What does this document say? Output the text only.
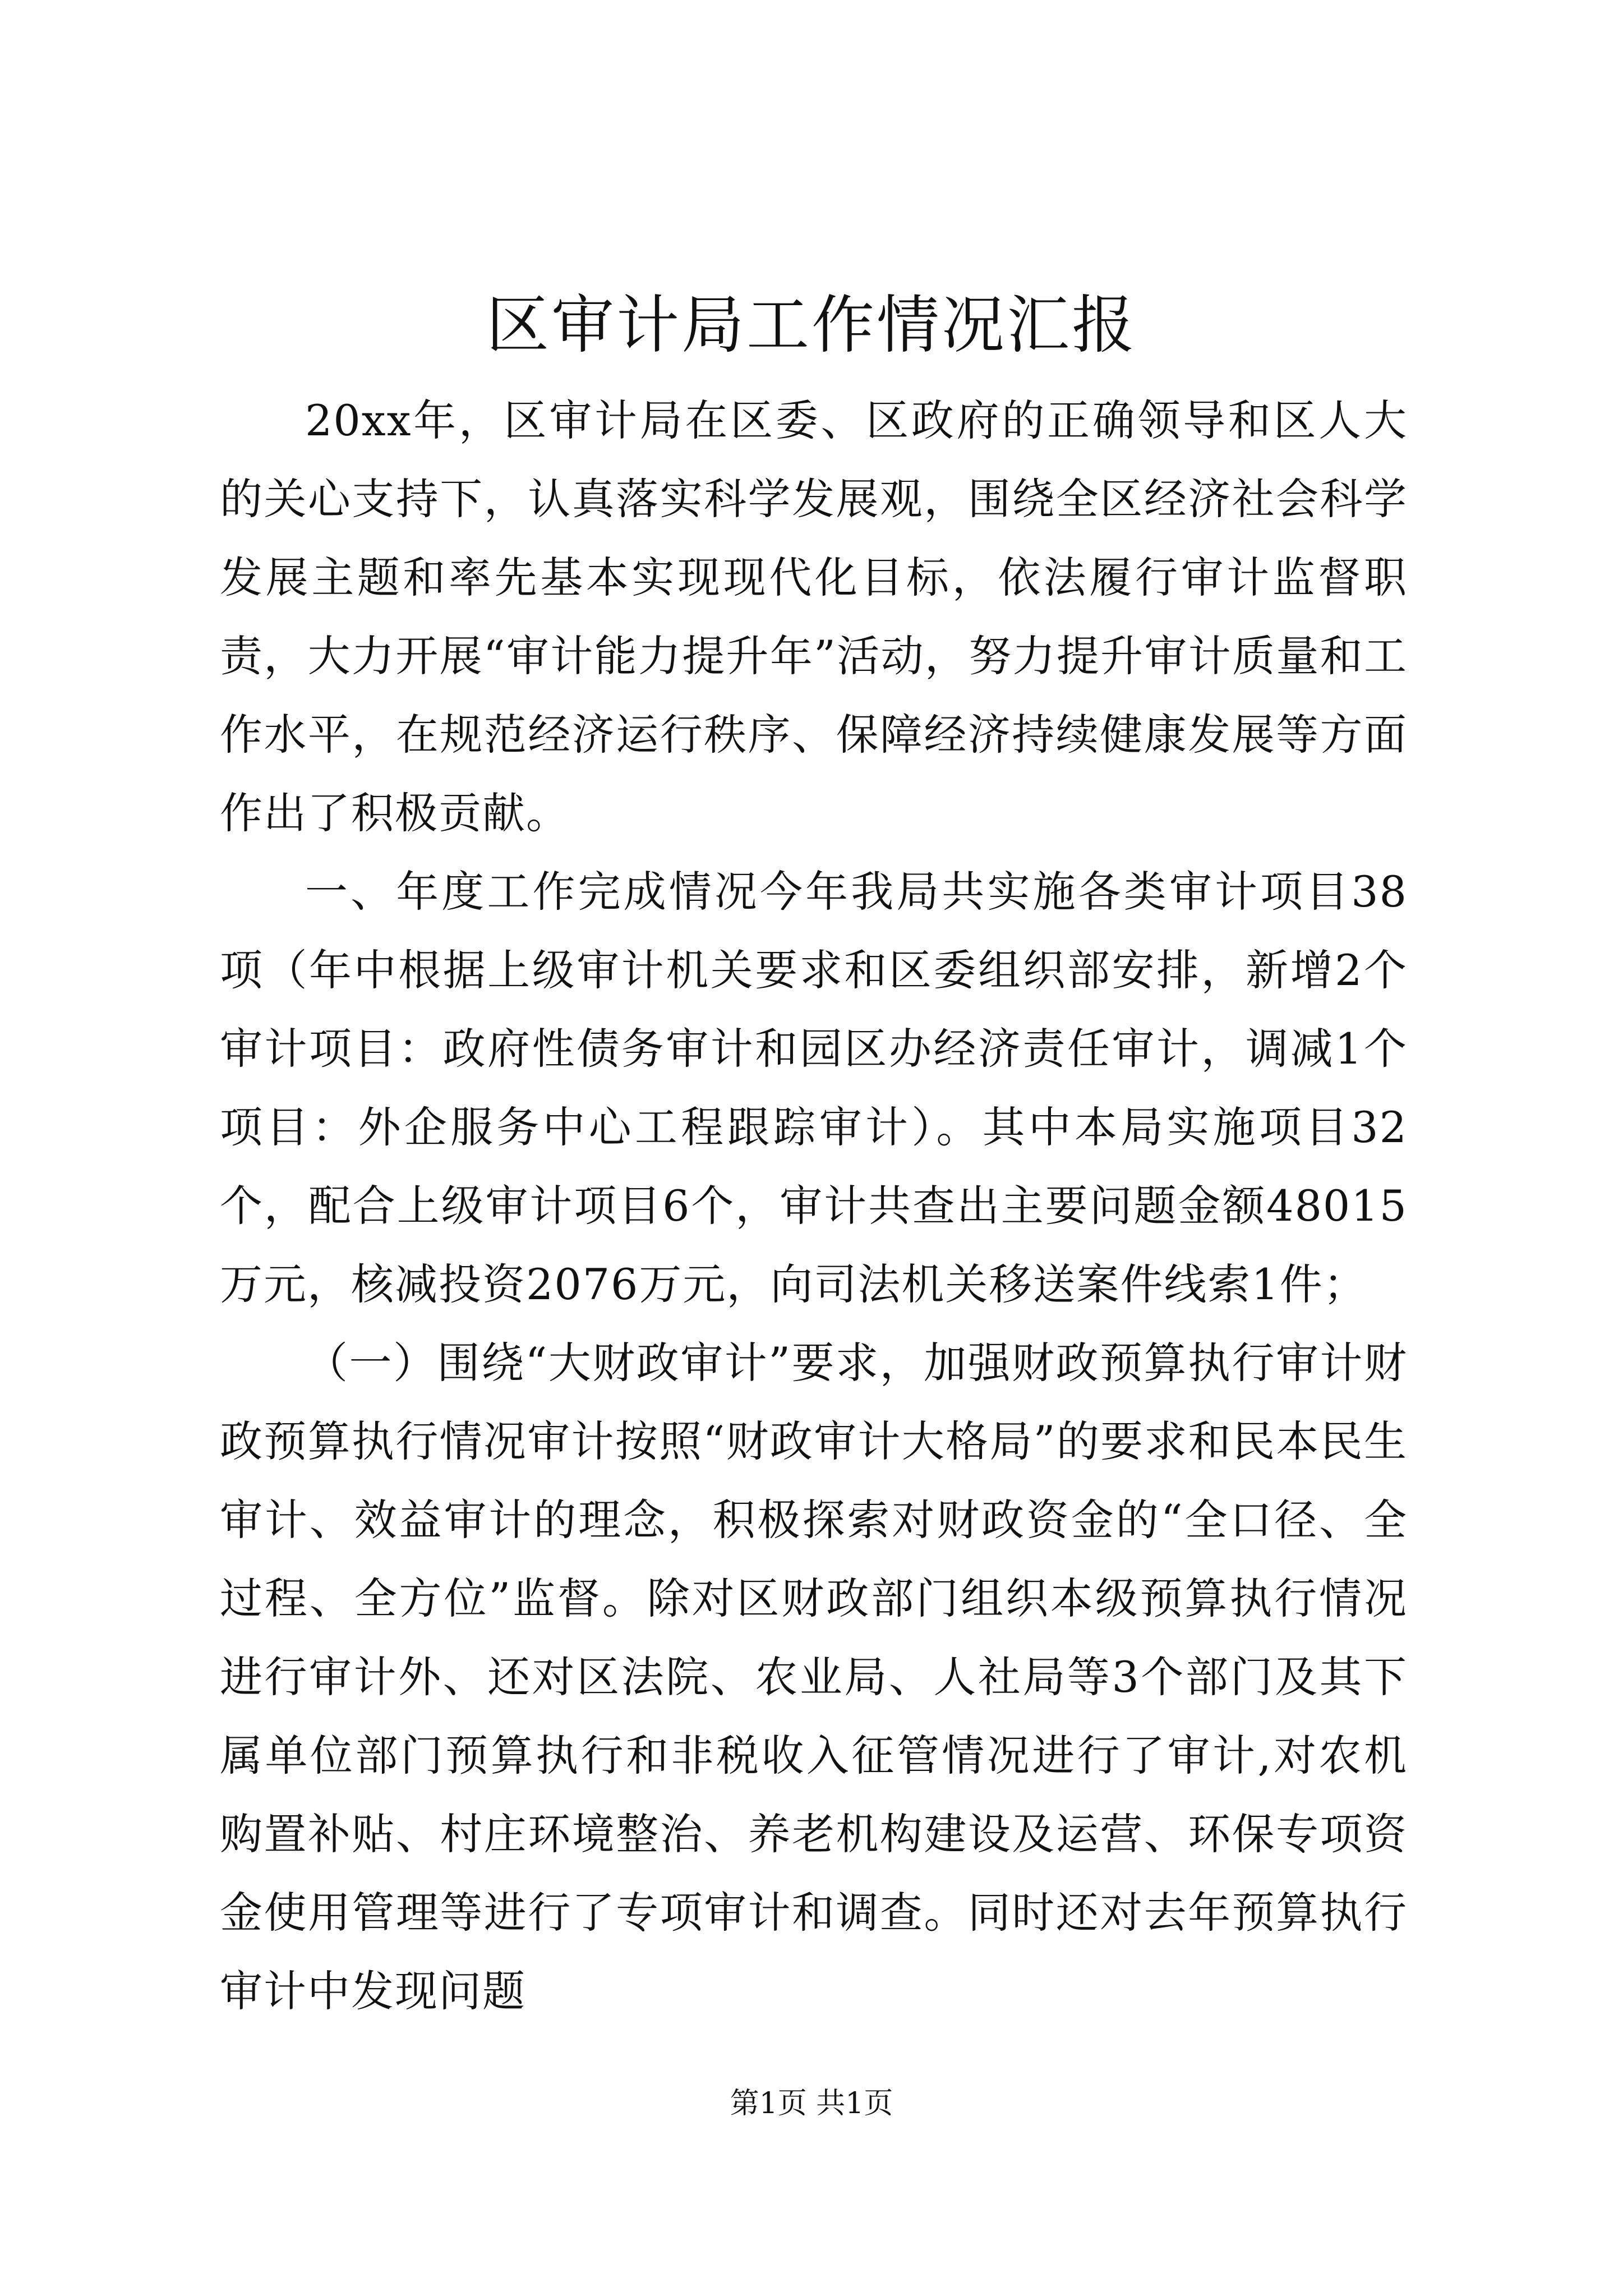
区审计局工作情况汇报

20xx年，区审计局在区委、区政府的正确领导和区人大的关心支持下，认真落实科学发展观，围绕全区经济社会科学发展主题和率先基本实现现代化目标，依法履行审计监督职责，大力开展“审计能力提升年”活动，努力提升审计质量和工作水平，在规范经济运行秩序、保障经济持续健康发展等方面作出了积极贡献。

一、年度工作完成情况今年我局共实施各类审计项目38项（年中根据上级审计机关要求和区委组织部安排，新增2个审计项目：政府性债务审计和园区办经济责任审计，调减1个项目：外企服务中心工程跟踪审计）。其中本局实施项目32个，配合上级审计项目6个，审计共查出主要问题金额48015万元，核减投资2076万元，向司法机关移送案件线索1件；

（一）围绕“大财政审计”要求，加强财政预算执行审计财政预算执行情况审计按照“财政审计大格局”的要求和民本民生审计、效益审计的理念，积极探索对财政资金的“全口径、全过程、全方位”监督。除对区财政部门组织本级预算执行情况进行审计外、还对区法院、农业局、人社局等3个部门及其下属单位部门预算执行和非税收入征管情况进行了审计,对农机购置补贴、村庄环境整治、养老机构建设及运营、环保专项资金使用管理等进行了专项审计和调查。同时还对去年预算执行审计中发现问题

第1页 共1页
